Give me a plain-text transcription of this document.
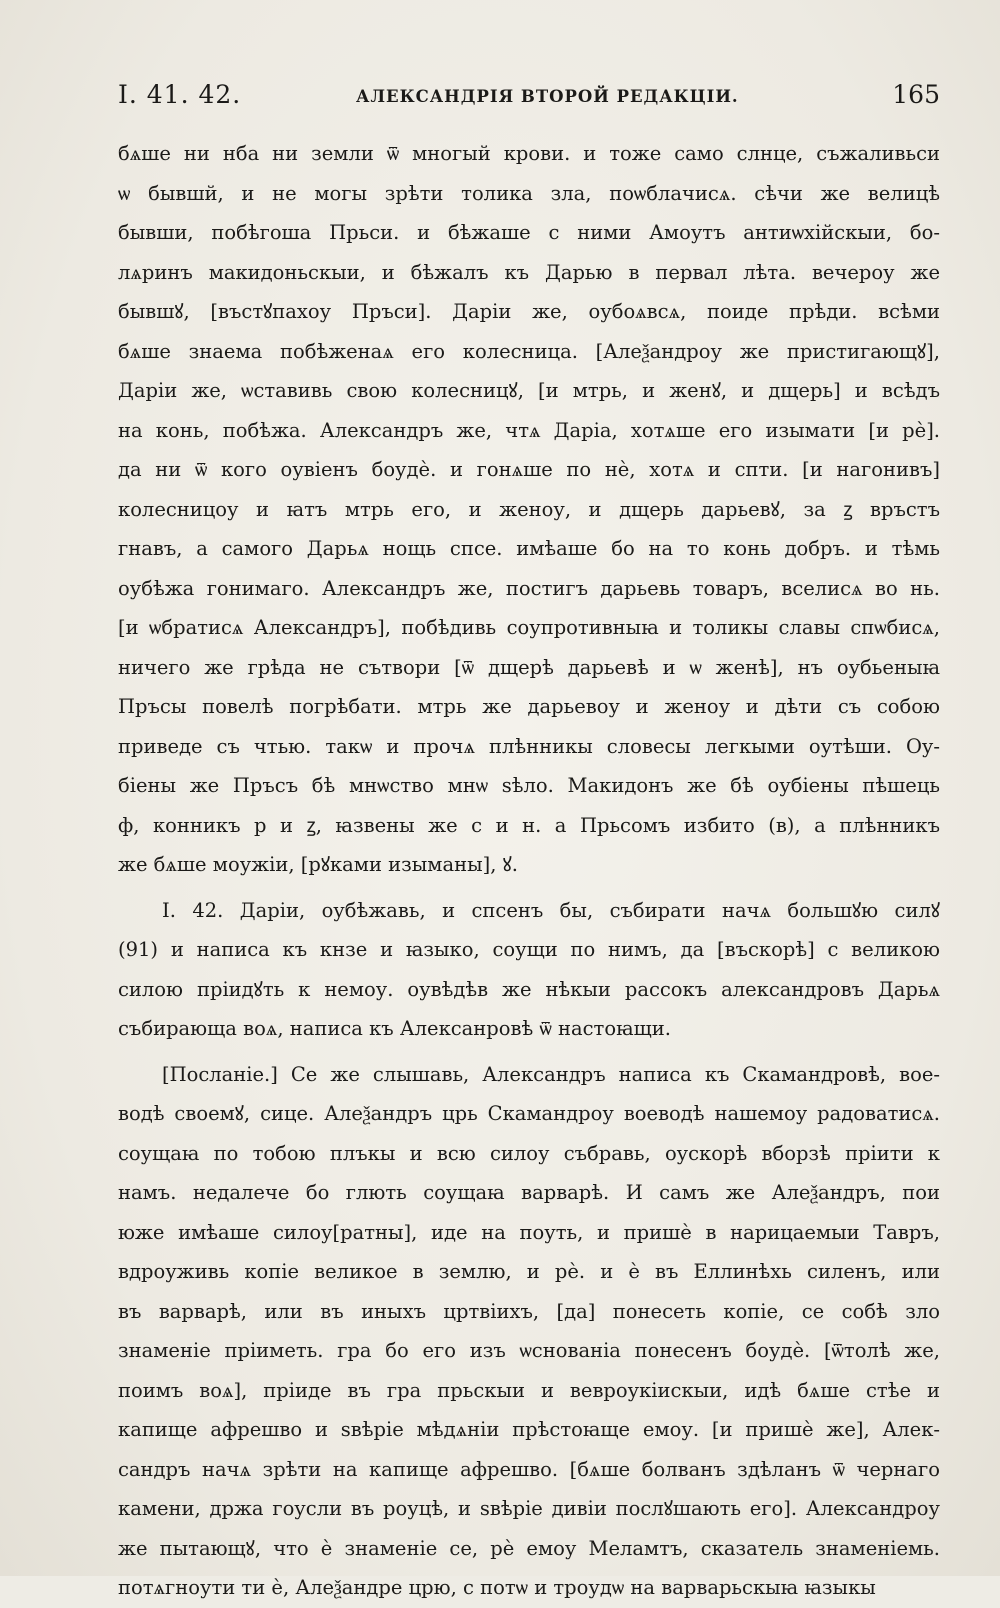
I. 41. 42.	АЛЕКСАНДРІЯ ВТОРОЙ РЕДАКЦІИ.	165
бѧше ни нба ни земли ѿ многый крови. и тоже само слнце, съжаливьси
ѡ бывшй, и не могы зрѣти толика зла, поѡблачисѧ. сѣчи же велицѣ
бывши, побѣгоша Прьси. и бѣжаше с ними Амоутъ антиѡхійскыи, бо-
лѧринъ макидоньскыи, и бѣжалъ къ Дарью в первал лѣта. вечероу же
бывшꙋ, [въстꙋпахоу Пръси]. Даріи же, оубоѧвсѧ, поиде прѣди. всѣми
бѧше знаема побѣженаѧ его колесница. [Алеѯандроу же пристигающꙋ],
Даріи же, ѡставивь свою колесницꙋ, [и мтрь, и женꙋ, и дщерь] и всѣдъ
на конь, побѣжа. Александръ же, чтѧ Даріа, хотѧше его изымати [и рѐ].
да ни ѿ кого оувіенъ боудѐ. и гонѧше по нѐ, хотѧ и спти. [и нагонивъ]
колесницоу и ꙗтъ мтрь его, и женоу, и дщерь дарьевꙋ, за ꙁ връстъ
гнавъ, а самого Дарьѧ нощь спсе. имѣаше бо на то конь добръ. и тѣмь
оубѣжа гонимаго. Александръ же, постигъ дарьевь товаръ, вселисѧ во нь.
[и ѡбратисѧ Александръ], побѣдивь соупротивныꙗ и толикы славы спѡбисѧ,
ничего же грѣда не сътвори [ѿ дщерѣ дарьевѣ и ѡ женѣ], нъ оубьеныꙗ
Пръсы повелѣ погрѣбати. мтрь же дарьевоу и женоу и дѣти съ собою
приведе съ чтью. такѡ и прочѧ плѣнникы словесы легкыми оутѣши. Оу-
біены же Пръсъ бѣ мнѡство мнѡ ѕѣло. Макидонъ же бѣ оубіены пѣшець
ф, конникъ р и ꙁ, ꙗзвены же с и н. а Прьсомъ избито (в), а плѣнникъ
же бѧше моужіи, [рꙋками изыманы], ꙋ.
I. 42. Даріи, оубѣжавь, и спсенъ бы, събирати начѧ большꙋю силꙋ
(91) и написа къ кнзе и ꙗзыко, соущи по нимъ, да [въскорѣ] с великою
силою пріидꙋть к немоу. оувѣдѣв же нѣкыи рассокъ александровъ Дарьѧ
събирающа воѧ, написа къ Алексанровѣ ѿ настоꙗщи.
[Посланіе.] Се же слышавь, Александръ написа къ Скамандровѣ, вое-
водѣ своемꙋ, сице. Алеѯандръ црь Скамандроу воеводѣ нашемоу радоватисѧ.
соущаꙗ по тобою плъкы и всю силоу събравь, оускорѣ вборзѣ пріити к
намъ. недалече бо глють соущаꙗ варварѣ. И самъ же Алеѯандръ, пои
юже имѣаше силоу[ратны], иде на поуть, и пришѐ в нарицаемыи Тавръ,
вдроуживь копіе великое в землю, и рѐ. и ѐ въ Еллинѣхь силенъ, или
въ варварѣ, или въ иныхъ цртвіихъ, [да] понесеть копіе, се собѣ зло
знаменіе пріиметь. гра бо его изъ ѡснованіа понесенъ боудѐ. [ѿтолѣ же,
поимъ воѧ], пріиде въ гра прьскыи и вевроукіискыи, идѣ бѧше стѣе и
капище афрешво и ѕвѣріе мѣдѧніи прѣстоꙗще емоу. [и пришѐ же], Алек-
сандръ начѧ зрѣти на капище афрешво. [бѧше болванъ здѣланъ ѿ чернаго
камени, држа гоусли въ роуцѣ, и ѕвѣріе дивіи послꙋшають его]. Александроу
же пытающꙋ, что ѐ знаменіе се, рѐ емоу Меламтъ, сказатель знаменіемь.
потѧгноути ти ѐ, Алеѯандре црю, с потѡ и троудѡ на варварьскыꙗ ꙗзыкы
